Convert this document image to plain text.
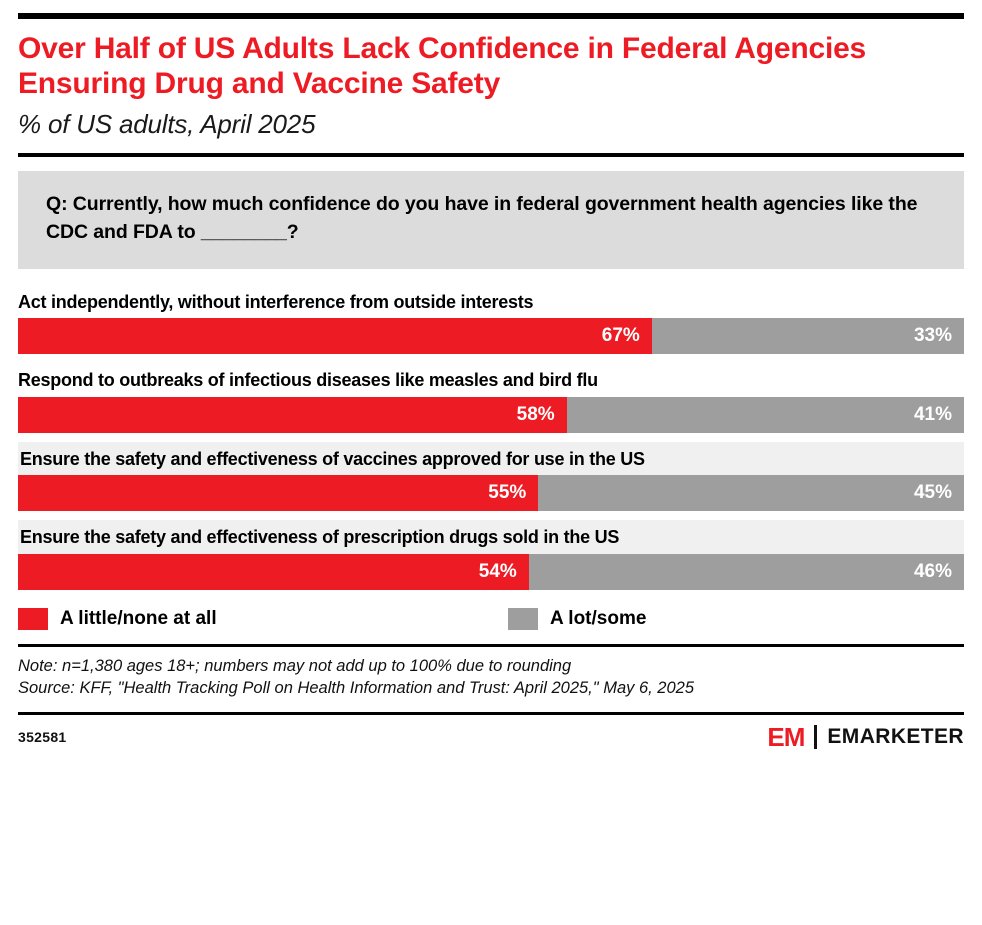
Over Half of US Adults Lack Confidence in Federal Agencies Ensuring Drug and Vaccine Safety
% of US adults, April 2025
Q: Currently, how much confidence do you have in federal government health agencies like the CDC and FDA to ________?
Act independently, without interference from outside interests
67%	33%
Respond to outbreaks of infectious diseases like measles and bird flu
58%	41%
Ensure the safety and effectiveness of vaccines approved for use in the US
55%	45%
Ensure the safety and effectiveness of prescription drugs sold in the US
54%	46%
A little/none at all	A lot/some
Note: n=1,380 ages 18+; numbers may not add up to 100% due to rounding
Source: KFF, "Health Tracking Poll on Health Information and Trust: April 2025," May 6, 2025
352581	EM EMARKETER
